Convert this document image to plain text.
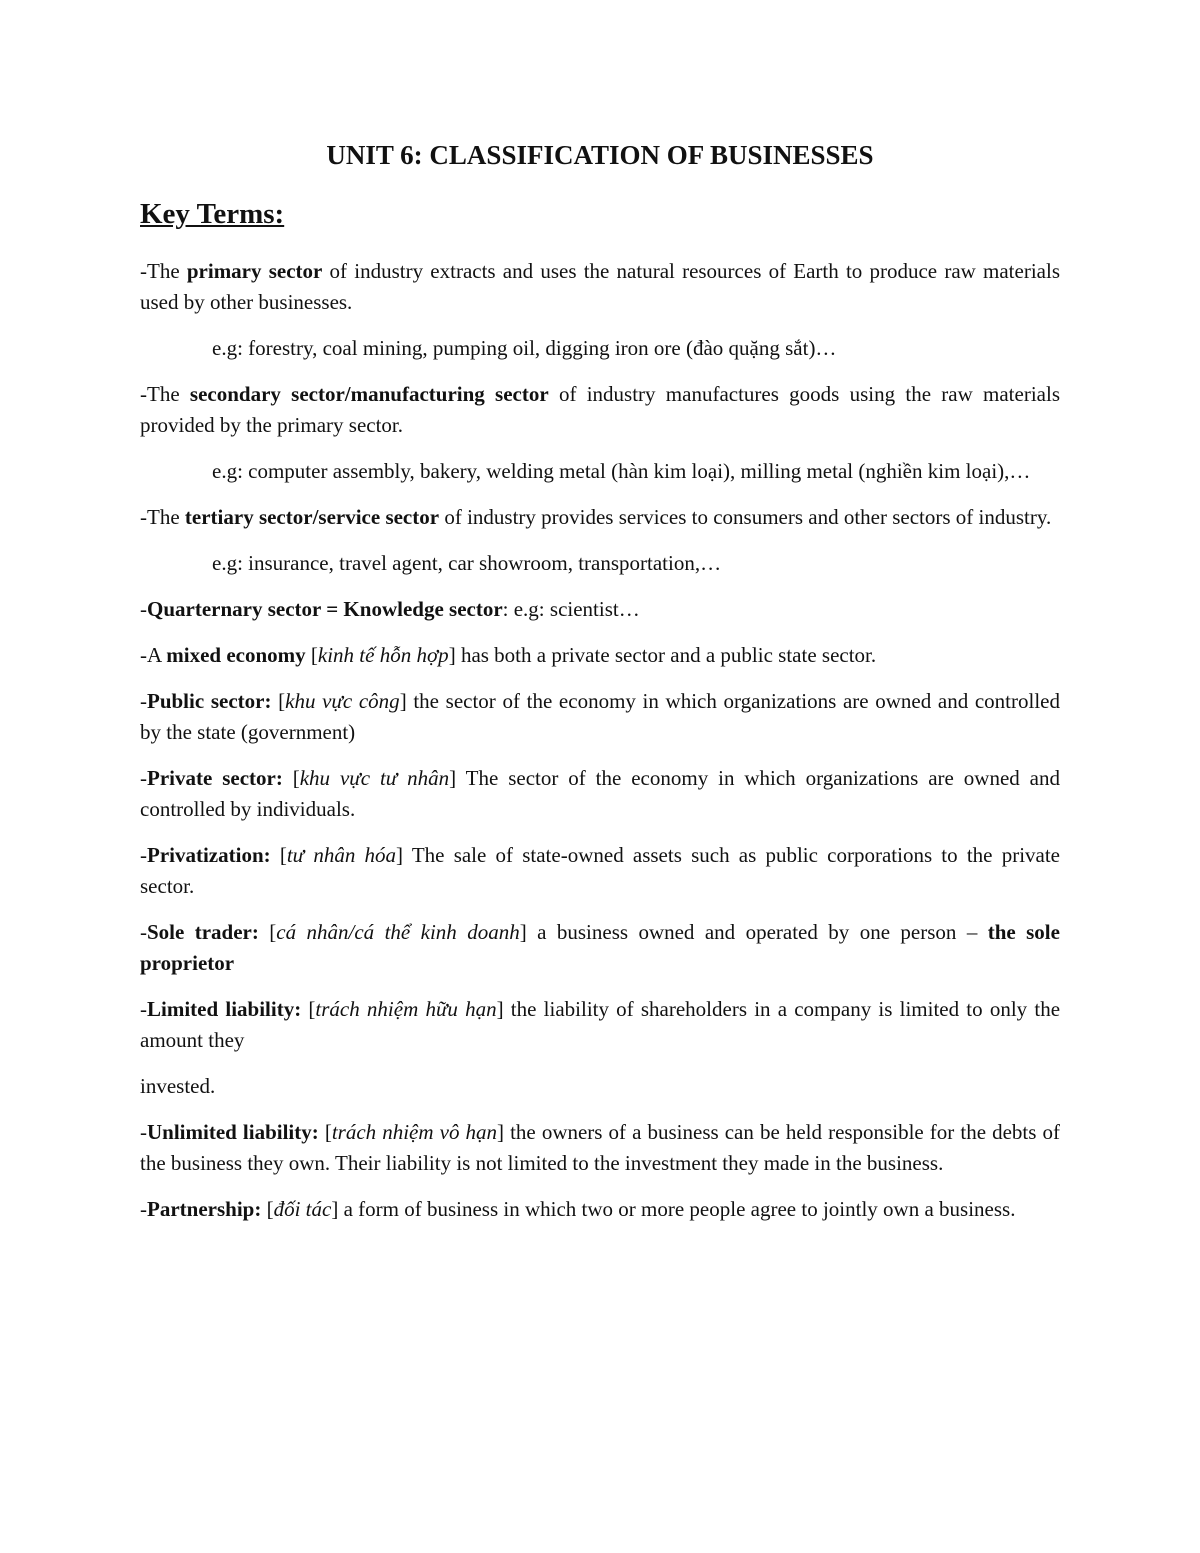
UNIT 6: CLASSIFICATION OF BUSINESSES
Key Terms:

-The primary sector of industry extracts and uses the natural resources of Earth to produce raw materials used by other businesses.

e.g: forestry, coal mining, pumping oil, digging iron ore (đào quặng sắt)…

-The secondary sector/manufacturing sector of industry manufactures goods using the raw materials provided by the primary sector.

e.g: computer assembly, bakery, welding metal (hàn kim loại), milling metal (nghiền kim loại),…

-The tertiary sector/service sector of industry provides services to consumers and other sectors of industry.

e.g: insurance, travel agent, car showroom, transportation,…

-Quarternary sector = Knowledge sector: e.g: scientist…

-A mixed economy [kinh tế hỗn hợp] has both a private sector and a public state sector.

-Public sector: [khu vực công] the sector of the economy in which organizations are owned and controlled by the state (government)

-Private sector: [khu vực tư nhân] The sector of the economy in which organizations are owned and controlled by individuals.

-Privatization: [tư nhân hóa] The sale of state-owned assets such as public corporations to the private sector.

-Sole trader: [cá nhân/cá thể kinh doanh] a business owned and operated by one person – the sole proprietor

-Limited liability: [trách nhiệm hữu hạn] the liability of shareholders in a company is limited to only the amount they

invested.

-Unlimited liability: [trách nhiệm vô hạn] the owners of a business can be held responsible for the debts of the business they own. Their liability is not limited to the investment they made in the business.

-Partnership: [đối tác] a form of business in which two or more people agree to jointly own a business.
